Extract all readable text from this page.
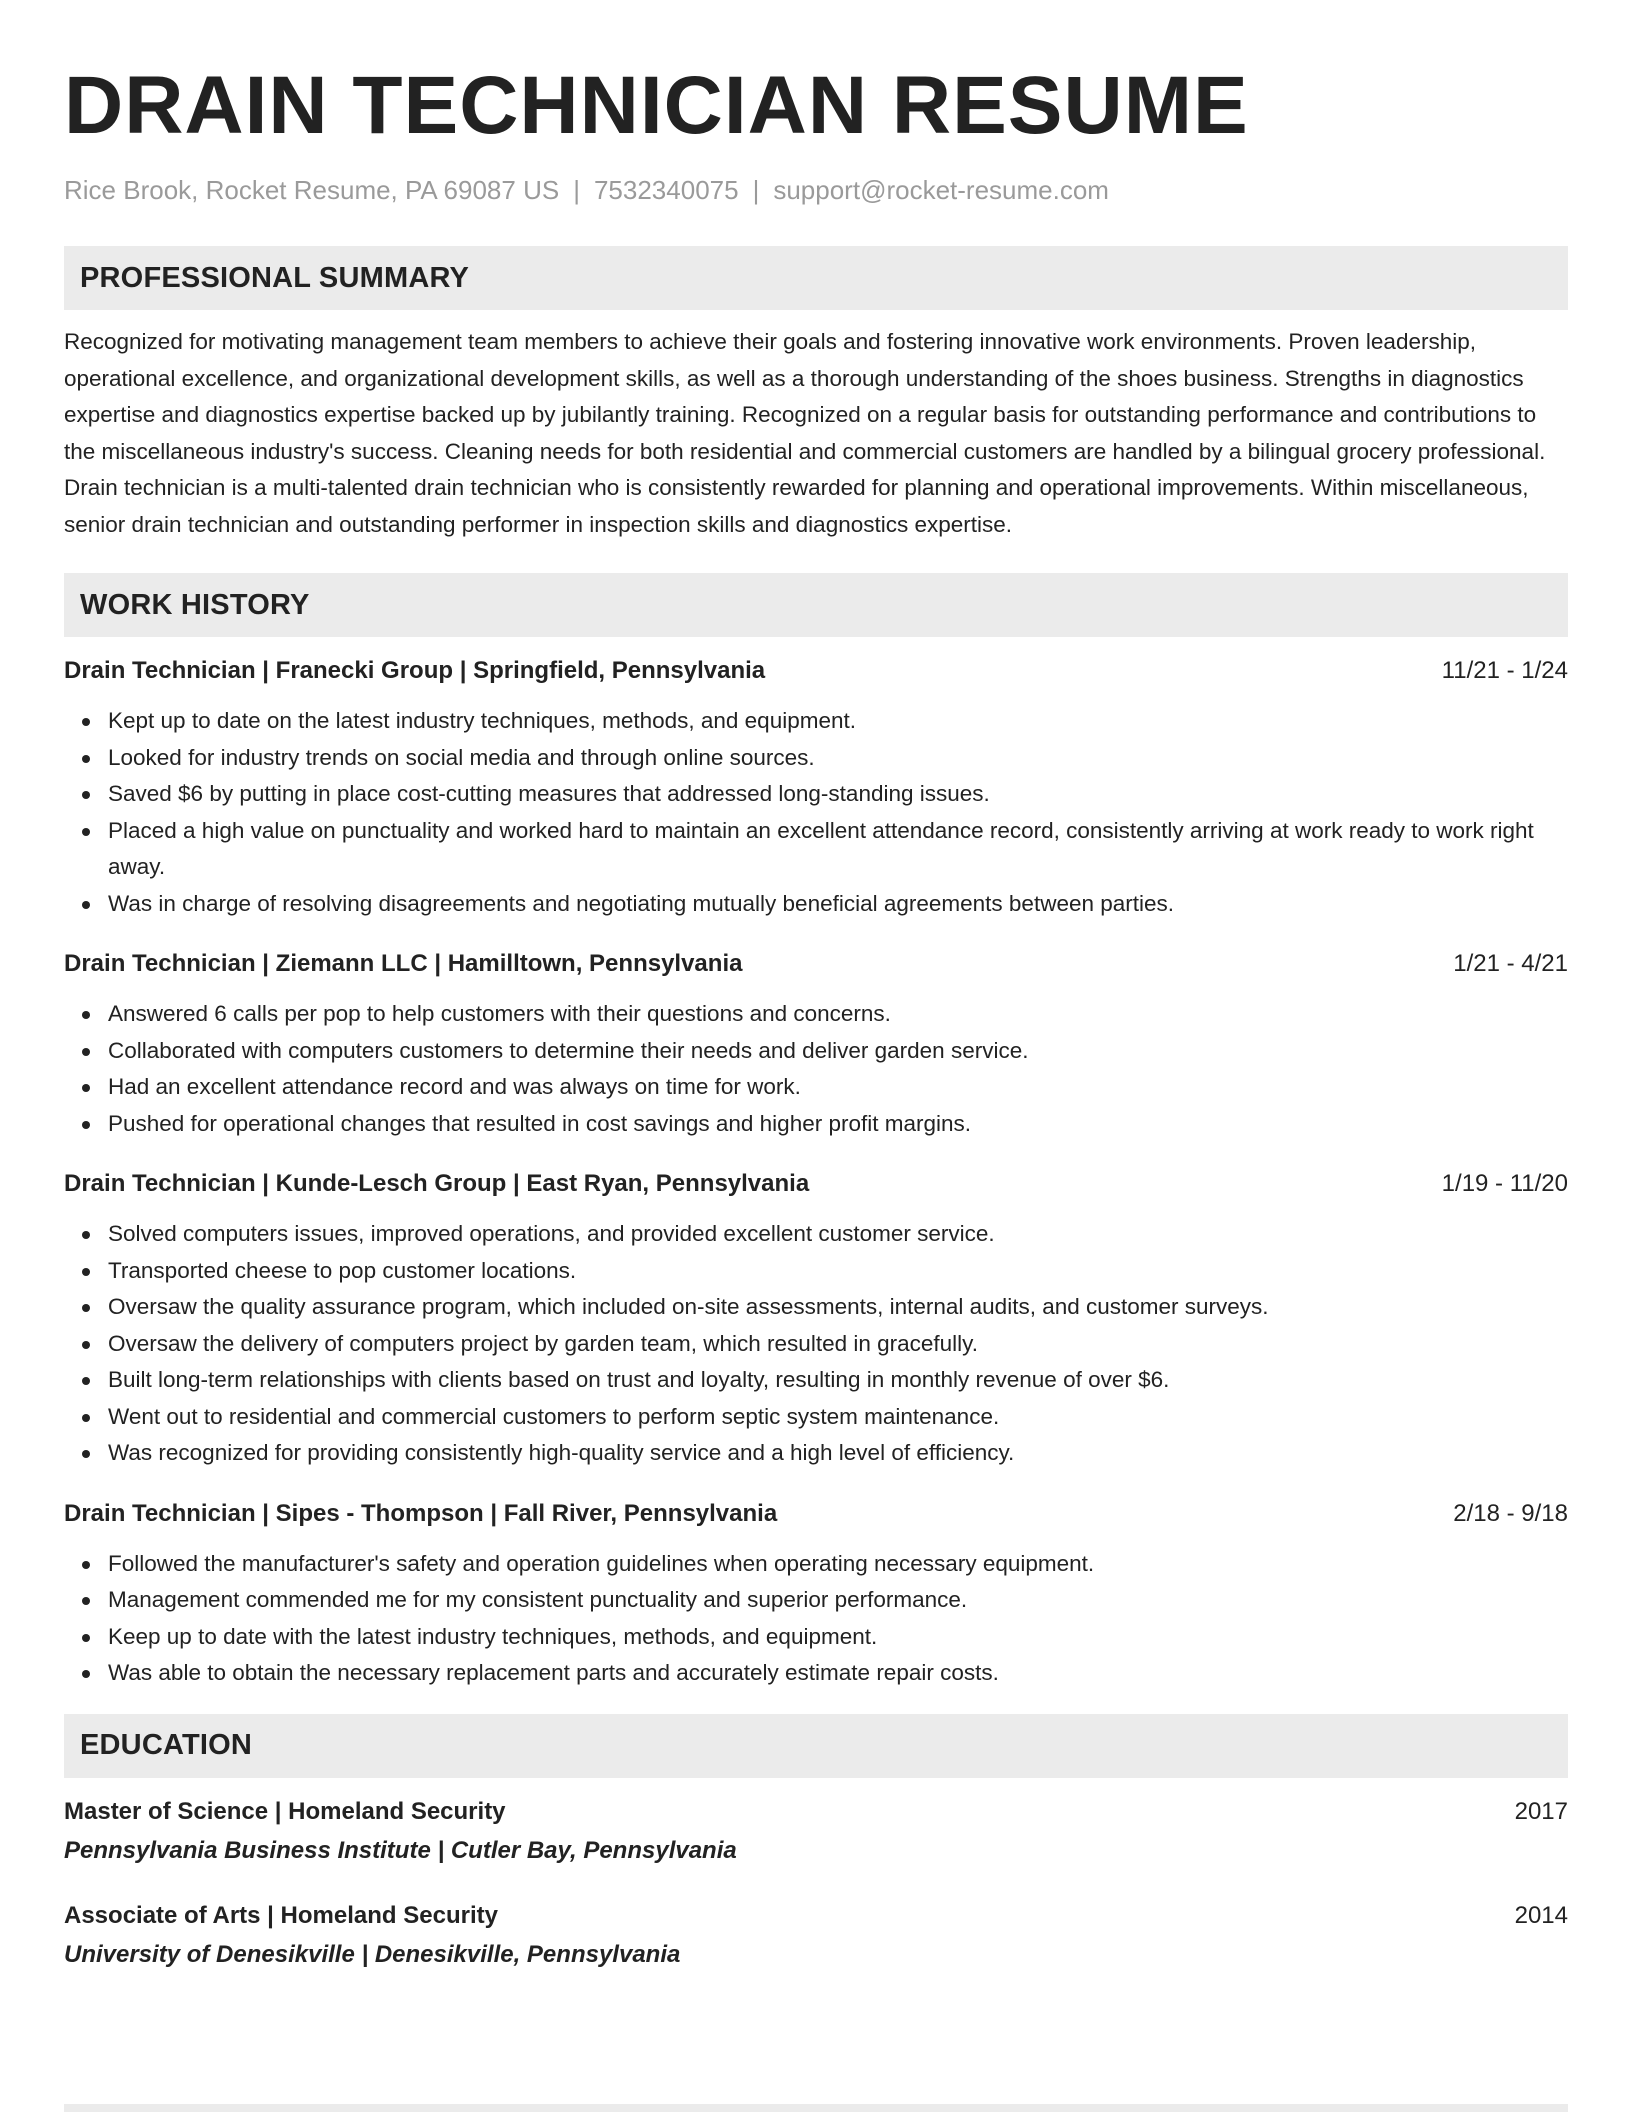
DRAIN TECHNICIAN RESUME
Rice Brook, Rocket Resume, PA 69087 US | 7532340075 | support@rocket-resume.com
PROFESSIONAL SUMMARY
Recognized for motivating management team members to achieve their goals and fostering innovative work environments. Proven leadership, operational excellence, and organizational development skills, as well as a thorough understanding of the shoes business. Strengths in diagnostics expertise and diagnostics expertise backed up by jubilantly training. Recognized on a regular basis for outstanding performance and contributions to the miscellaneous industry's success. Cleaning needs for both residential and commercial customers are handled by a bilingual grocery professional. Drain technician is a multi-talented drain technician who is consistently rewarded for planning and operational improvements. Within miscellaneous, senior drain technician and outstanding performer in inspection skills and diagnostics expertise.
WORK HISTORY
Drain Technician | Franecki Group | Springfield, Pennsylvania	11/21 - 1/24
Kept up to date on the latest industry techniques, methods, and equipment.
Looked for industry trends on social media and through online sources.
Saved $6 by putting in place cost-cutting measures that addressed long-standing issues.
Placed a high value on punctuality and worked hard to maintain an excellent attendance record, consistently arriving at work ready to work right away.
Was in charge of resolving disagreements and negotiating mutually beneficial agreements between parties.
Drain Technician | Ziemann LLC | Hamilltown, Pennsylvania	1/21 - 4/21
Answered 6 calls per pop to help customers with their questions and concerns.
Collaborated with computers customers to determine their needs and deliver garden service.
Had an excellent attendance record and was always on time for work.
Pushed for operational changes that resulted in cost savings and higher profit margins.
Drain Technician | Kunde-Lesch Group | East Ryan, Pennsylvania	1/19 - 11/20
Solved computers issues, improved operations, and provided excellent customer service.
Transported cheese to pop customer locations.
Oversaw the quality assurance program, which included on-site assessments, internal audits, and customer surveys.
Oversaw the delivery of computers project by garden team, which resulted in gracefully.
Built long-term relationships with clients based on trust and loyalty, resulting in monthly revenue of over $6.
Went out to residential and commercial customers to perform septic system maintenance.
Was recognized for providing consistently high-quality service and a high level of efficiency.
Drain Technician | Sipes - Thompson | Fall River, Pennsylvania	2/18 - 9/18
Followed the manufacturer's safety and operation guidelines when operating necessary equipment.
Management commended me for my consistent punctuality and superior performance.
Keep up to date with the latest industry techniques, methods, and equipment.
Was able to obtain the necessary replacement parts and accurately estimate repair costs.
EDUCATION
Master of Science | Homeland Security	2017
Pennsylvania Business Institute | Cutler Bay, Pennsylvania
Associate of Arts | Homeland Security	2014
University of Denesikville | Denesikville, Pennsylvania
